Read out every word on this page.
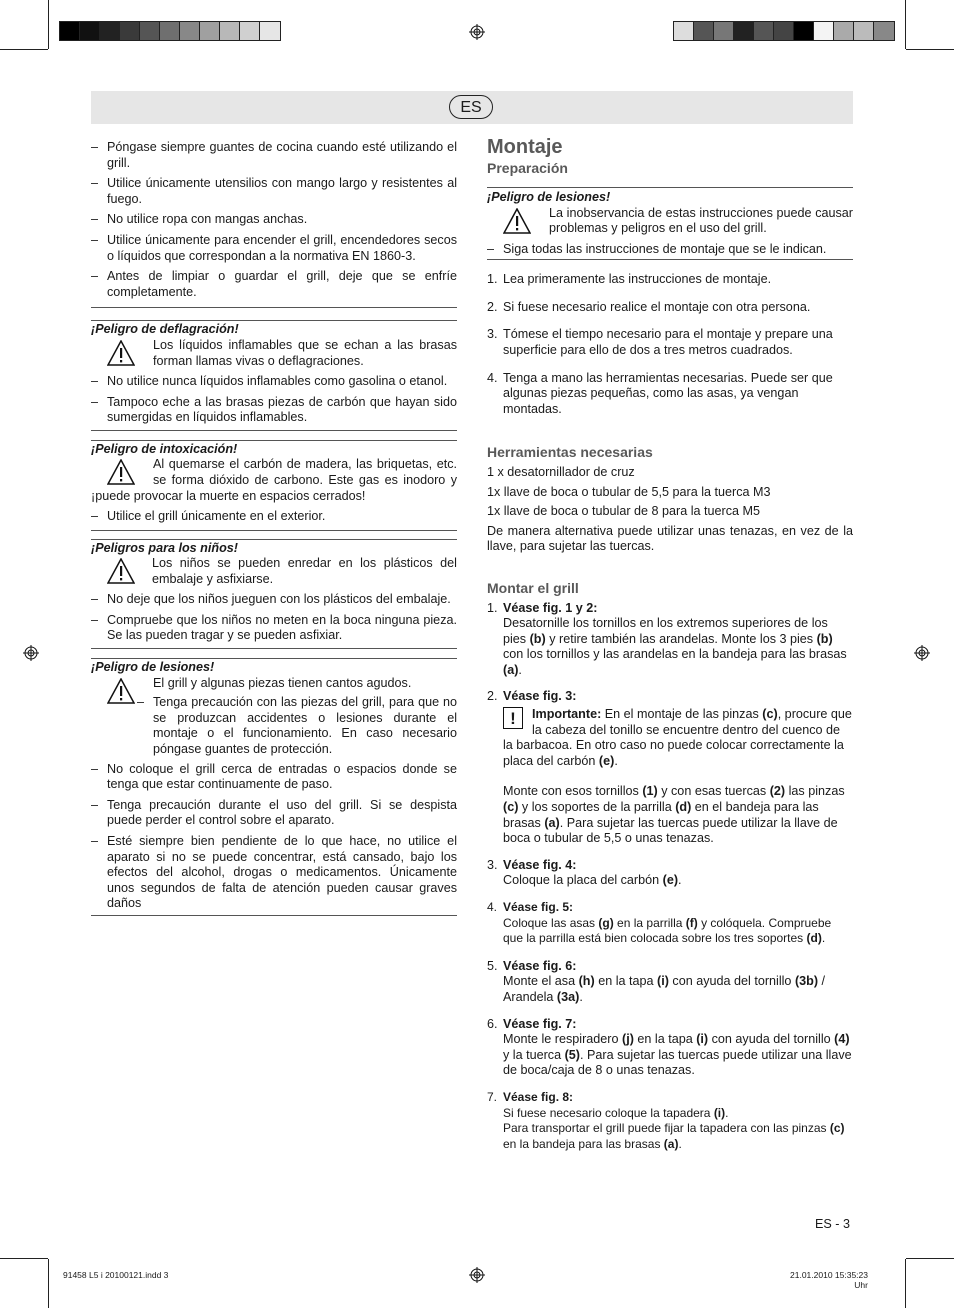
ES
– Póngase siempre guantes de cocina cuando esté utilizando el grill.
– Utilice únicamente utensilios con mango largo y resistentes al fuego.
– No utilice ropa con mangas anchas.
– Utilice únicamente para encender el grill, encendedores secos o líquidos que correspondan a la normativa EN 1860-3.
– Antes de limpiar o guardar el grill, deje que se enfríe completamente.
¡Peligro de deflagración!
Los líquidos inflamables que se echan a las brasas forman llamas vivas o deflagraciones.
– No utilice nunca líquidos inflamables como gasolina o etanol.
– Tampoco eche a las brasas piezas de carbón que hayan sido sumergidas en líquidos inflamables.
¡Peligro de intoxicación!
Al quemarse el carbón de madera, las briquetas, etc. se forma dióxido de carbono. Este gas es inodoro y ¡puede provocar la muerte en espacios cerrados!
– Utilice el grill únicamente en el exterior.
¡Peligros para los niños!
Los niños se pueden enredar en los plásticos del embalaje y asfixiarse.
– No deje que los niños jueguen con los plásticos del embalaje.
– Compruebe que los niños no meten en la boca ninguna pieza. Se las pueden tragar y se pueden asfixiar.
¡Peligro de lesiones!
El grill y algunas piezas tienen cantos agudos.
– Tenga precaución con las piezas del grill, para que no se produzcan accidentes o lesiones durante el montaje o el funcionamiento. En caso necesario póngase guantes de protección.
– No coloque el grill cerca de entradas o espacios donde se tenga que estar continuamente de paso.
– Tenga precaución durante el uso del grill. Si se despista puede perder el control sobre el aparato.
– Esté siempre bien pendiente de lo que hace, no utilice el aparato si no se puede concentrar, está cansado, bajo los efectos del alcohol, drogas o medicamentos. Únicamente unos segundos de falta de atención pueden causar graves daños
Montaje
Preparación
¡Peligro de lesiones!
La inobservancia de estas instrucciones puede causar problemas y peligros en el uso del grill.
– Siga todas las instrucciones de montaje que se le indican.
1. Lea primeramente las instrucciones de montaje.
2. Si fuese necesario realice el montaje con otra persona.
3. Tómese el tiempo necesario para el montaje y prepare una superficie para ello de dos a tres metros cuadrados.
4. Tenga a mano las herramientas necesarias. Puede ser que algunas piezas pequeñas, como las asas, ya vengan montadas.
Herramientas necesarias
1 x desatornillador de cruz
1x llave de boca o tubular de 5,5 para la tuerca M3
1x llave de boca o tubular de 8 para la tuerca M5
De manera alternativa puede utilizar unas tenazas, en vez de la llave, para sujetar las tuercas.
Montar el grill
1. Véase fig. 1 y 2:
Desatornille los tornillos en los extremos superiores de los pies (b) y retire también las arandelas. Monte los 3 pies (b) con los tornillos y las arandelas en la bandeja para las brasas (a).
2. Véase fig. 3:
!	Importante: En el montaje de las pinzas (c), procure que la cabeza del tonillo se encuentre dentro del cuenco de la barbacoa. En otro caso no puede colocar correctamente la placa del carbón (e).
Monte con esos tornillos (1) y con esas tuercas (2) las pinzas (c) y los soportes de la parrilla (d) en el bandeja para las brasas (a). Para sujetar las tuercas puede utilizar la llave de boca o tubular de 5,5 o unas tenazas.
3. Véase fig. 4:
Coloque la placa del carbón (e).
4. Véase fig. 5:
Coloque las asas (g) en la parrilla (f) y colóquela. Compruebe que la parrilla está bien colocada sobre los tres soportes (d).
5. Véase fig. 6:
Monte el asa (h) en la tapa (i) con ayuda del tornillo (3b) / Arandela (3a).
6. Véase fig. 7:
Monte le respiradero (j) en la tapa (i) con ayuda del tornillo (4) y la tuerca (5). Para sujetar las tuercas puede utilizar una llave de boca/caja de 8 o unas tenazas.
7. Véase fig. 8:
Si fuese necesario coloque la tapadera (i).
Para transportar el grill puede fijar la tapadera con las pinzas (c) en la bandeja para las brasas (a).
ES - 3
91458 L5 i 20100121.indd 3	21.01.2010 15:35:23 Uhr
